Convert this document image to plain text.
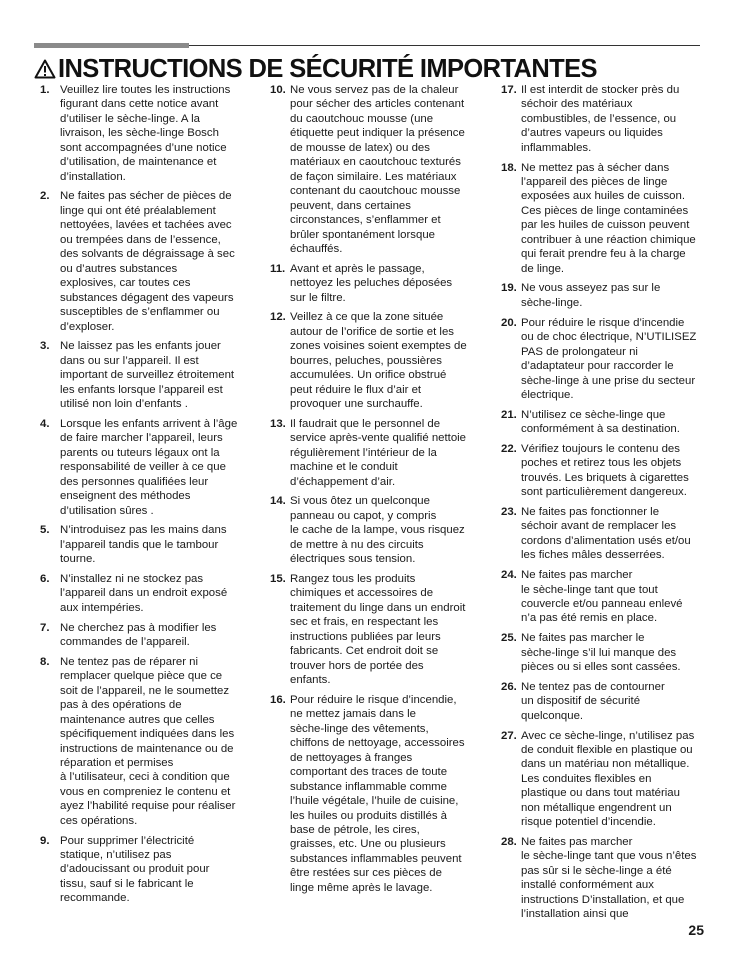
INSTRUCTIONS DE SÉCURITÉ IMPORTANTES
1. Veuillez lire toutes les instructions
figurant dans cette notice avant
d’utiliser le sèche-linge. A la
livraison, les sèche-linge Bosch
sont accompagnées d’une notice
d’utilisation, de maintenance et
d’installation.
2. Ne faites pas sécher de pièces de
linge qui ont été préalablement
nettoyées, lavées et tachées avec
ou trempées dans de l’essence,
des solvants de dégraissage à sec
ou d’autres substances
explosives, car toutes ces
substances dégagent des vapeurs
susceptibles de s’enflammer ou
d’exploser.
3. Ne laissez pas les enfants jouer
dans ou sur l’appareil. Il est
important de surveillez étroitement
les enfants lorsque l’appareil est
utilisé non loin d’enfants .
4. Lorsque les enfants arrivent à l’âge
de faire marcher l’appareil, leurs
parents ou tuteurs légaux ont la
responsabilité de veiller à ce que
des personnes qualifiées leur
enseignent des méthodes
d’utilisation sûres .
5. N’introduisez pas les mains dans
l’appareil tandis que le tambour
tourne.
6. N’installez ni ne stockez pas
l’appareil dans un endroit exposé
aux intempéries.
7. Ne cherchez pas à modifier les
commandes de l’appareil.
8. Ne tentez pas de réparer ni
remplacer quelque pièce que ce
soit de l’appareil, ne le soumettez
pas à des opérations de
maintenance autres que celles
spécifiquement indiquées dans les
instructions de maintenance ou de
réparation et permises
à l’utilisateur, ceci à condition que
vous en compreniez le contenu et
ayez l’habilité requise pour réaliser
ces opérations.
9. Pour supprimer l’électricité
statique, n’utilisez pas
d’adoucissant ou produit pour
tissu, sauf si le fabricant le
recommande.
10. Ne vous servez pas de la chaleur
pour sécher des articles contenant
du caoutchouc mousse (une
étiquette peut indiquer la présence
de mousse de latex) ou des
matériaux en caoutchouc texturés
de façon similaire. Les matériaux
contenant du caoutchouc mousse
peuvent, dans certaines
circonstances, s’enflammer et
brûler spontanément lorsque
échauffés.
11. Avant et après le passage,
nettoyez les peluches déposées
sur le filtre.
12. Veillez à ce que la zone située
autour de l’orifice de sortie et les
zones voisines soient exemptes de
bourres, peluches, poussières
accumulées. Un orifice obstrué
peut réduire le flux d’air et
provoquer une surchauffe.
13. Il faudrait que le personnel de
service après-vente qualifié nettoie
régulièrement l’intérieur de la
machine et le conduit
d’échappement d’air.
14. Si vous ôtez un quelconque
panneau ou capot, y compris
le cache de la lampe, vous risquez
de mettre à nu des circuits
électriques sous tension.
15. Rangez tous les produits
chimiques et accessoires de
traitement du linge dans un endroit
sec et frais, en respectant les
instructions publiées par leurs
fabricants. Cet endroit doit se
trouver hors de portée des
enfants.
16. Pour réduire le risque d’incendie,
ne mettez jamais dans le
sèche-linge des vêtements,
chiffons de nettoyage, accessoires
de nettoyages à franges
comportant des traces de toute
substance inflammable comme
l’huile végétale, l’huile de cuisine,
les huiles ou produits distillés à
base de pétrole, les cires,
graisses, etc. Une ou plusieurs
substances inflammables peuvent
être restées sur ces pièces de
linge même après le lavage.
17. Il est interdit de stocker près du
séchoir des matériaux
combustibles, de l’essence, ou
d’autres vapeurs ou liquides
inflammables.
18. Ne mettez pas à sécher dans
l’appareil des pièces de linge
exposées aux huiles de cuisson.
Ces pièces de linge contaminées
par les huiles de cuisson peuvent
contribuer à une réaction chimique
qui ferait prendre feu à la charge
de linge.
19. Ne vous asseyez pas sur le
sèche-linge.
20. Pour réduire le risque d’incendie
ou de choc électrique, N’UTILISEZ
PAS de prolongateur ni
d’adaptateur pour raccorder le
sèche-linge à une prise du secteur
électrique.
21. N’utilisez ce sèche-linge que
conformément à sa destination.
22. Vérifiez toujours le contenu des
poches et retirez tous les objets
trouvés. Les briquets à cigarettes
sont particulièrement dangereux.
23. Ne faites pas fonctionner le
séchoir avant de remplacer les
cordons d’alimentation usés et/ou
les fiches mâles desserrées.
24. Ne faites pas marcher
le sèche-linge tant que tout
couvercle et/ou panneau enlevé
n’a pas été remis en place.
25. Ne faites pas marcher le
sèche-linge s’il lui manque des
pièces ou si elles sont cassées.
26. Ne tentez pas de contourner
un dispositif de sécurité
quelconque.
27. Avec ce sèche-linge, n’utilisez pas
de conduit flexible en plastique ou
dans un matériau non métallique.
Les conduites flexibles en
plastique ou dans tout matériau
non métallique engendrent un
risque potentiel d’incendie.
28. Ne faites pas marcher
le sèche-linge tant que vous n’êtes
pas sûr si le sèche-linge a été
installé conformément aux
instructions D’installation, et que
l’installation ainsi que
25
